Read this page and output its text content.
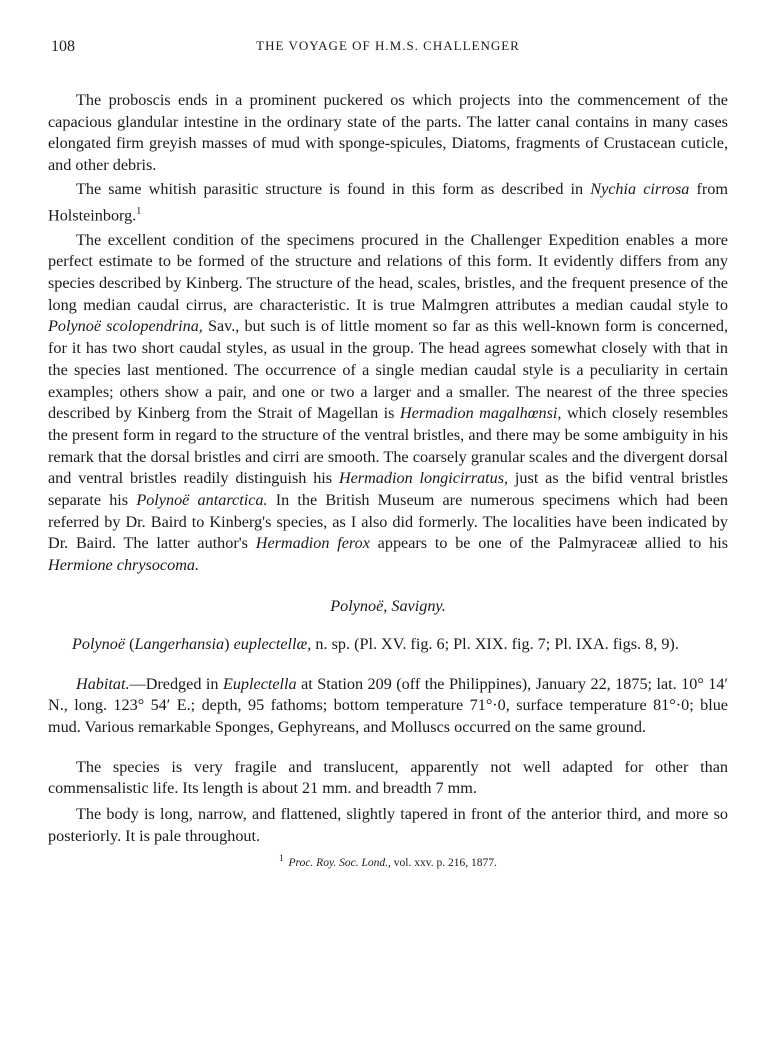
108	THE VOYAGE OF H.M.S. CHALLENGER

The proboscis ends in a prominent puckered os which projects into the commencement of the capacious glandular intestine in the ordinary state of the parts. The latter canal contains in many cases elongated firm greyish masses of mud with sponge-spicules, Diatoms, fragments of Crustacean cuticle, and other debris.

The same whitish parasitic structure is found in this form as described in Nychia cirrosa from Holsteinborg.$^1$

The excellent condition of the specimens procured in the Challenger Expedition enables a more perfect estimate to be formed of the structure and relations of this form. It evidently differs from any species described by Kinberg. The structure of the head, scales, bristles, and the frequent presence of the long median caudal cirrus, are characteristic. It is true Malmgren attributes a median caudal style to Polynoë scolopendrina, Sav., but such is of little moment so far as this well-known form is concerned, for it has two short caudal styles, as usual in the group. The head agrees somewhat closely with that in the species last mentioned. The occurrence of a single median caudal style is a peculiarity in certain examples; others show a pair, and one or two a larger and a smaller. The nearest of the three species described by Kinberg from the Strait of Magellan is Hermadion magalhœnsi, which closely resembles the present form in regard to the structure of the ventral bristles, and there may be some ambiguity in his remark that the dorsal bristles and cirri are smooth. The coarsely granular scales and the divergent dorsal and ventral bristles readily distinguish his Hermadion longicirratus, just as the bifid ventral bristles separate his Polynoë antarctica. In the British Museum are numerous specimens which had been referred by Dr. Baird to Kinberg's species, as I also did formerly. The localities have been indicated by Dr. Baird. The latter author's Hermadion ferox appears to be one of the Palmyraceæ allied to his Hermione chrysocoma.

Polynoë, Savigny.

Polynoë (Langerhansia) euplectellæ, n. sp. (Pl. XV. fig. 6; Pl. XIX. fig. 7; Pl. IXA. figs. 8, 9).

Habitat.—Dredged in Euplectella at Station 209 (off the Philippines), January 22, 1875; lat. 10° 14′ N., long. 123° 54′ E.; depth, 95 fathoms; bottom temperature 71°·0, surface temperature 81°·0; blue mud. Various remarkable Sponges, Gephyreans, and Molluscs occurred on the same ground.

The species is very fragile and translucent, apparently not well adapted for other than commensalistic life. Its length is about 21 mm. and breadth 7 mm.

The body is long, narrow, and flattened, slightly tapered in front of the anterior third, and more so posteriorly. It is pale throughout.

$^1$ Proc. Roy. Soc. Lond., vol. xxv. p. 216, 1877.
